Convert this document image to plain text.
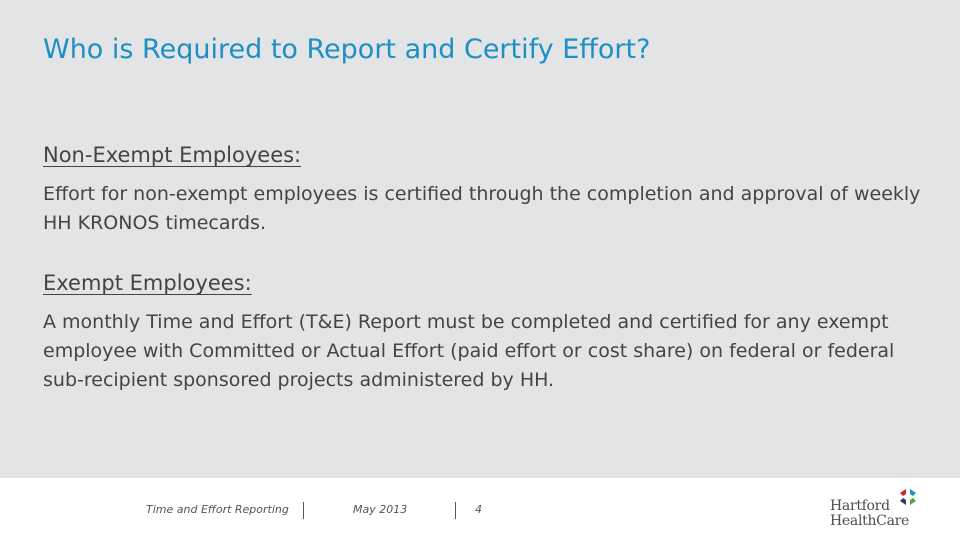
Who is Required to Report and Certify Effort?
Non-Exempt Employees:
Effort for non-exempt employees is certified through the completion and approval of weekly HH KRONOS timecards.
Exempt Employees:
A monthly Time and Effort (T&E) Report must be completed and certified for any exempt employee with Committed or Actual Effort (paid effort or cost share) on federal or federal sub-recipient sponsored projects administered by HH.
Time and Effort Reporting	May 2013	4	Hartford
HealthCare
